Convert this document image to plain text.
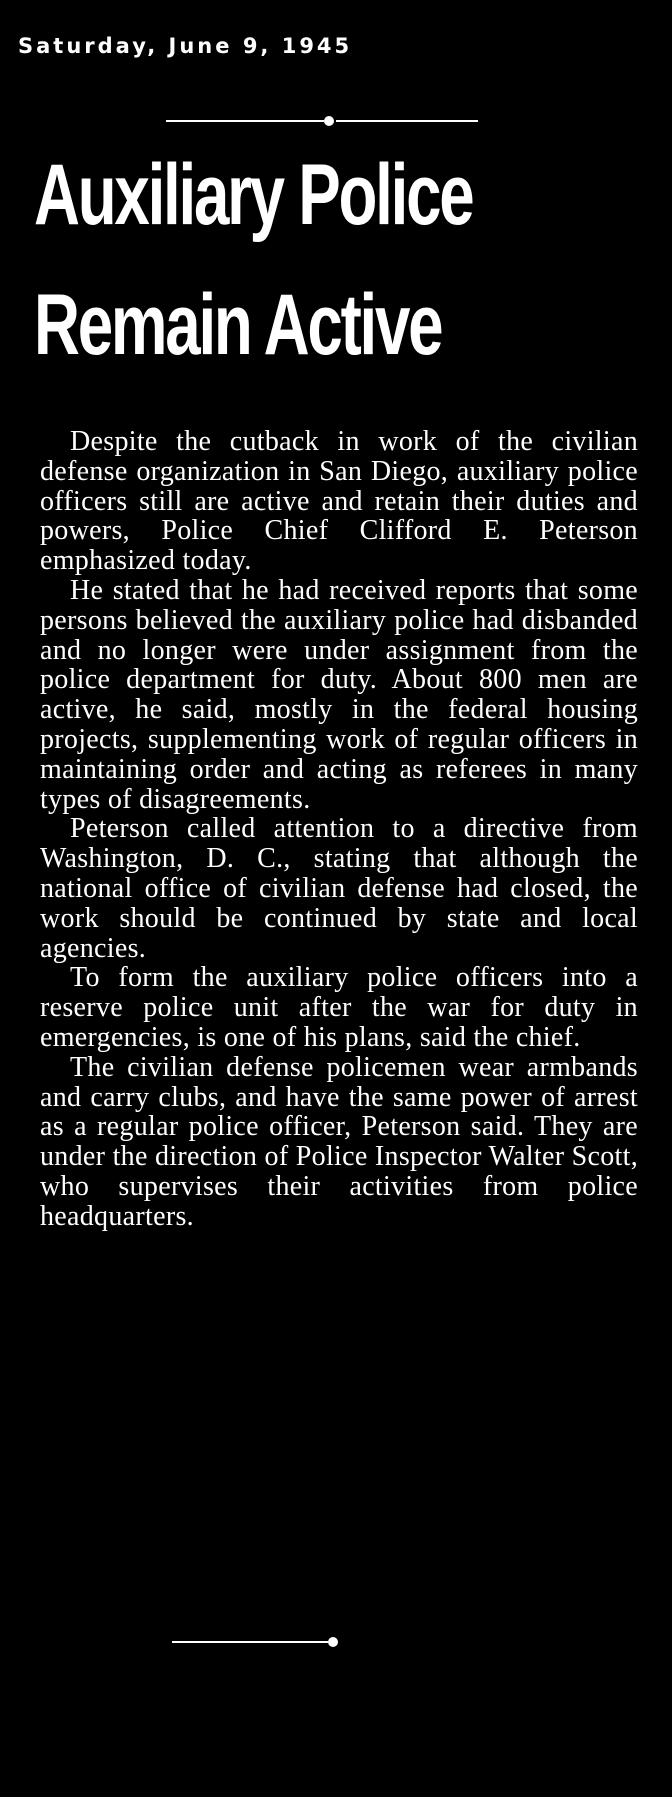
Saturday, June 9, 1945
Auxiliary Police
Remain Active

Despite the cutback in work of the civilian defense organization in San Diego, auxiliary police officers still are active and retain their duties and powers, Police Chief Clifford E. Peterson emphasized today.

He stated that he had received reports that some persons believed the auxiliary police had disbanded and no longer were under assignment from the police department for duty. About 800 men are active, he said, mostly in the federal housing projects, supplementing work of regular officers in maintaining order and acting as referees in many types of disagreements.

Peterson called attention to a directive from Washington, D. C., stating that although the national office of civilian defense had closed, the work should be continued by state and local agencies.

To form the auxiliary police officers into a reserve police unit after the war for duty in emergencies, is one of his plans, said the chief.

The civilian defense policemen wear armbands and carry clubs, and have the same power of arrest as a regular police officer, Peterson said. They are under the direction of Police Inspector Walter Scott, who supervises their activities from police headquarters.
